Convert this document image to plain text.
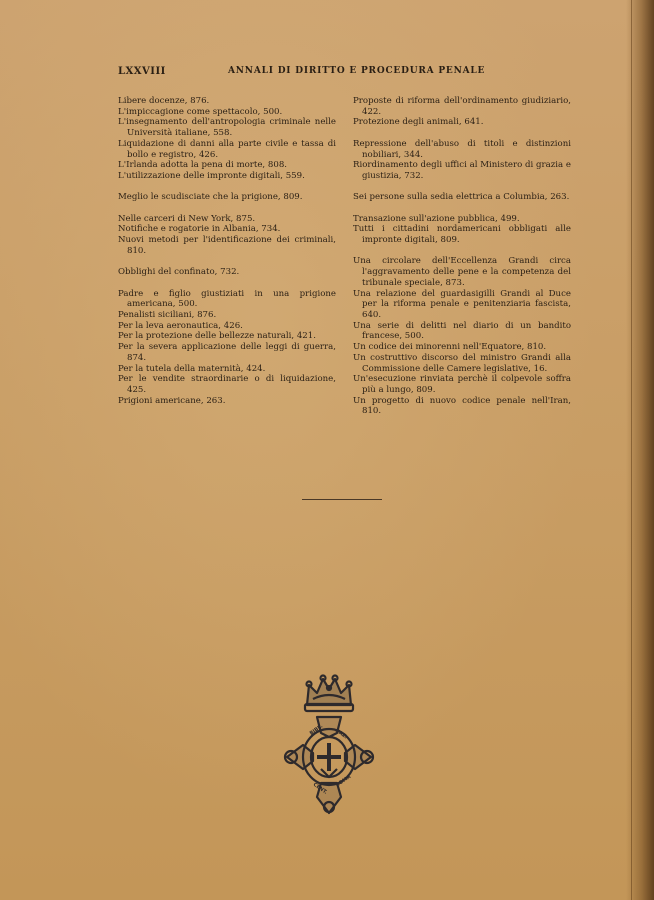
LXXVIII	ANNALI DI DIRITTO E PROCEDURA PENALE
Libere docenze, 876.
L'impiccagione come spettacolo, 500.
L'insegnamento dell'antropologia criminale nelle Università italiane, 558.
Liquidazione di danni alla parte civile e tassa di bollo e registro, 426.
L'Irlanda adotta la pena di morte, 808.
L'utilizzazione delle impronte digitali, 559.
Meglio le scudisciate che la prigione, 809.
Nelle carceri di New York, 875.
Notifiche e rogatorie in Albania, 734.
Nuovi metodi per l'identificazione dei criminali, 810.
Obblighi del confinato, 732.
Padre e figlio giustiziati in una prigione americana, 500.
Penalisti siciliani, 876.
Per la leva aeronautica, 426.
Per la protezione delle bellezze naturali, 421.
Per la severa applicazione delle leggi di guerra, 874.
Per la tutela della maternità, 424.
Per le vendite straordinarie o di liquidazione, 425.
Prigioni americane, 263.
Proposte di riforma dell'ordinamento giudiziario, 422.
Protezione degli animali, 641.
Repressione dell'abuso di titoli e distinzioni nobiliari, 344.
Riordinamento degli uffici al Ministero di grazia e giustizia, 732.
Sei persone sulla sedia elettrica a Columbia, 263.
Transazione sull'azione pubblica, 499.
Tutti i cittadini nordamericani obbligati alle impronte digitali, 809.
Una circolare dell'Eccellenza Grandi circa l'aggravamento delle pene e la competenza del tribunale speciale, 873.
Una relazione del guardasigilli Grandi al Duce per la riforma penale e penitenziaria fascista, 640.
Una serie di delitti nel diario di un bandito francese, 500.
Un codice dei minorenni nell'Equatore, 810.
Un costruttivo discorso del ministro Grandi alla Commissione delle Camere legislative, 16.
Un'esecuzione rinviata perchè il colpevole soffra più a lungo, 809.
Un progetto di nuovo codice penale nell'Iran, 810.
BIBL. NAZ.
CENT.
ROMA
